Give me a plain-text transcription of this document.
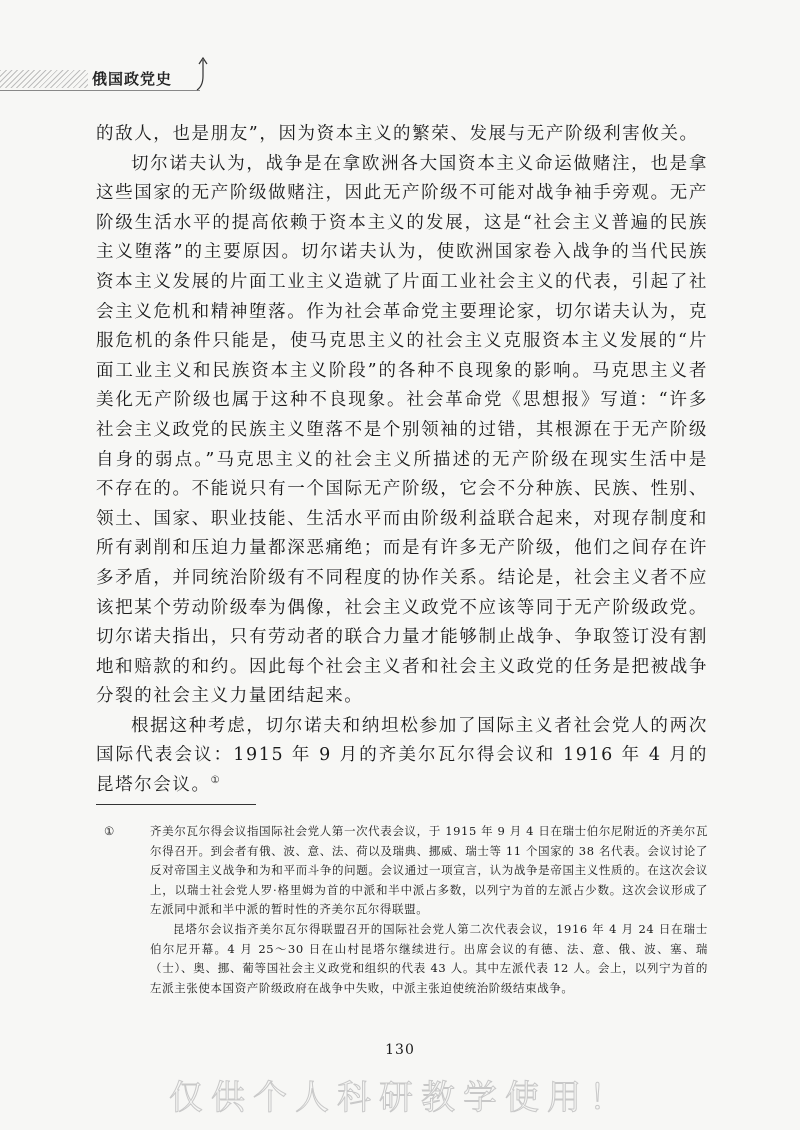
俄国政党史

的敌人，也是朋友”，因为资本主义的繁荣、发展与无产阶级利害攸关。

切尔诺夫认为，战争是在拿欧洲各大国资本主义命运做赌注，也是拿这些国家的无产阶级做赌注，因此无产阶级不可能对战争袖手旁观。无产阶级生活水平的提高依赖于资本主义的发展，这是“社会主义普遍的民族主义堕落”的主要原因。切尔诺夫认为，使欧洲国家卷入战争的当代民族资本主义发展的片面工业主义造就了片面工业社会主义的代表，引起了社会主义危机和精神堕落。作为社会革命党主要理论家，切尔诺夫认为，克服危机的条件只能是，使马克思主义的社会主义克服资本主义发展的“片面工业主义和民族资本主义阶段”的各种不良现象的影响。马克思主义者美化无产阶级也属于这种不良现象。社会革命党《思想报》写道：“许多社会主义政党的民族主义堕落不是个别领袖的过错，其根源在于无产阶级自身的弱点。”马克思主义的社会主义所描述的无产阶级在现实生活中是不存在的。不能说只有一个国际无产阶级，它会不分种族、民族、性别、领土、国家、职业技能、生活水平而由阶级利益联合起来，对现存制度和所有剥削和压迫力量都深恶痛绝；而是有许多无产阶级，他们之间存在许多矛盾，并同统治阶级有不同程度的协作关系。结论是，社会主义者不应该把某个劳动阶级奉为偶像，社会主义政党不应该等同于无产阶级政党。切尔诺夫指出，只有劳动者的联合力量才能够制止战争、争取签订没有割地和赔款的和约。因此每个社会主义者和社会主义政党的任务是把被战争分裂的社会主义力量团结起来。

根据这种考虑，切尔诺夫和纳坦松参加了国际主义者社会党人的两次国际代表会议：1915 年 9 月的齐美尔瓦尔得会议和 1916 年 4 月的昆塔尔会议。①

①	齐美尔瓦尔得会议指国际社会党人第一次代表会议，于 1915 年 9 月 4 日在瑞士伯尔尼附近的齐美尔瓦尔得召开。到会者有俄、波、意、法、荷以及瑞典、挪威、瑞士等 11 个国家的 38 名代表。会议讨论了反对帝国主义战争和为和平而斗争的问题。会议通过一项宣言，认为战争是帝国主义性质的。在这次会议上，以瑞士社会党人罗·格里姆为首的中派和半中派占多数，以列宁为首的左派占少数。这次会议形成了左派同中派和半中派的暂时性的齐美尔瓦尔得联盟。

昆塔尔会议指齐美尔瓦尔得联盟召开的国际社会党人第二次代表会议，1916 年 4 月 24 日在瑞士伯尔尼开幕。4 月 25～30 日在山村昆塔尔继续进行。出席会议的有德、法、意、俄、波、塞、瑞（士）、奥、挪、葡等国社会主义政党和组织的代表 43 人。其中左派代表 12 人。会上，以列宁为首的左派主张使本国资产阶级政府在战争中失败，中派主张迫使统治阶级结束战争。

130
仅供个人科研教学使用！
